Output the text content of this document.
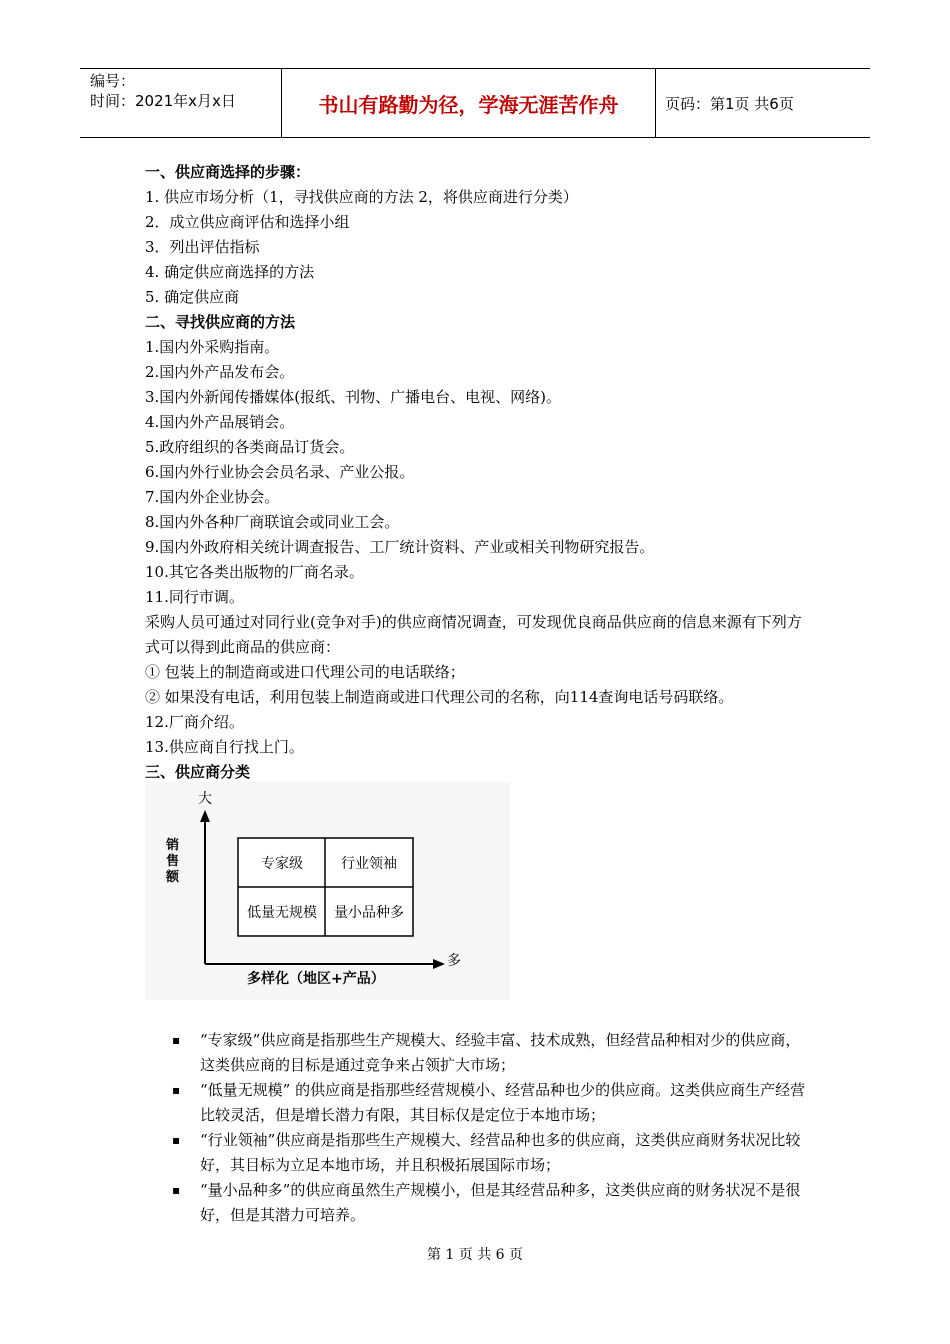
编号：
时间：2021年x月x日	书山有路勤为径，学海无涯苦作舟	页码：第1页 共6页

一、供应商选择的步骤：

1. 供应市场分析（1，寻找供应商的方法 2，将供应商进行分类）

2．成立供应商评估和选择小组

3．列出评估指标

4. 确定供应商选择的方法

5. 确定供应商

二、寻找供应商的方法

1.国内外采购指南。

2.国内外产品发布会。

3.国内外新闻传播媒体(报纸、刊物、广播电台、电视、网络)。

4.国内外产品展销会。

5.政府组织的各类商品订货会。

6.国内外行业协会会员名录、产业公报。

7.国内外企业协会。

8.国内外各种厂商联谊会或同业工会。

9.国内外政府相关统计调查报告、工厂统计资料、产业或相关刊物研究报告。

10.其它各类出版物的厂商名录。

11.同行市调。

采购人员可通过对同行业(竞争对手)的供应商情况调查，可发现优良商品供应商的信息来源有下列方式可以得到此商品的供应商：

① 包装上的制造商或进口代理公司的电话联络；

② 如果没有电话，利用包装上制造商或进口代理公司的名称，向114查询电话号码联络。

12.厂商介绍。

13.供应商自行找上门。

三、供应商分类

专家级	行业领袖
低量无规模	量小品种多
大
多
多样化（地区+产品）
销售额
▪ “专家级”供应商是指那些生产规模大、经验丰富、技术成熟，但经营品种相对少的供应商，这类供应商的目标是通过竞争来占领扩大市场；
▪ “低量无规模” 的供应商是指那些经营规模小、经营品种也少的供应商。这类供应商生产经营比较灵活，但是增长潜力有限，其目标仅是定位于本地市场；
▪ “行业领袖”供应商是指那些生产规模大、经营品种也多的供应商，这类供应商财务状况比较好，其目标为立足本地市场，并且积极拓展国际市场；
▪ “量小品种多”的供应商虽然生产规模小，但是其经营品种多，这类供应商的财务状况不是很好，但是其潜力可培养。
第 1 页 共 6 页
